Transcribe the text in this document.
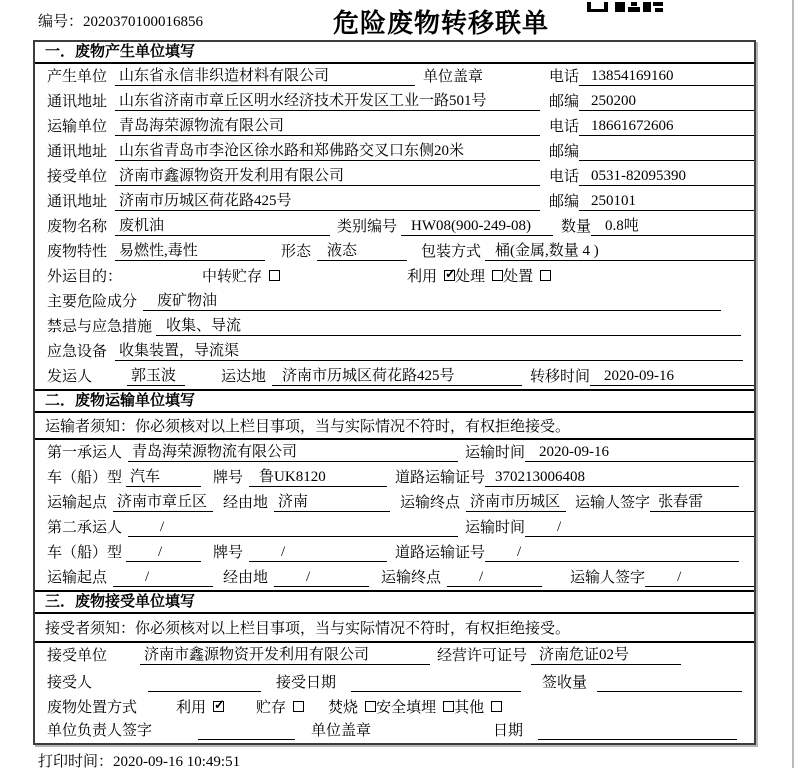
编号：2020370100016856	危险废物转移联单
一．废物产生单位填写
产生单位 山东省永信非织造材料有限公司	单位盖章	电话 13854169160
通讯地址 山东省济南市章丘区明水经济技术开发区工业一路501号	邮编 250200
运输单位 青岛海荣源物流有限公司	电话 18661672606
通讯地址 山东省青岛市李沧区徐水路和郑佛路交叉口东侧20米	邮编
接受单位 济南市鑫源物资开发利用有限公司	电话 0531-82095390
通讯地址 济南市历城区荷花路425号	邮编 250101
废物名称 废机油	类别编号 HW08(900-249-08)	数量 0.8吨
废物特性 易燃性,毒性	形态	液态	包装方式 桶(金属,数量 4 )
外运目的：	中转贮存	利用 ✓ 处理 处置
主要危险成分	废矿物油
禁忌与应急措施 收集、导流
应急设备 收集装置，导流渠
发运人	郭玉波	运达地	济南市历城区荷花路425号	转移时间 2020-09-16
二．废物运输单位填写
运输者须知：你必须核对以上栏目事项，当与实际情况不符时，有权拒绝接受。
第一承运人 青岛海荣源物流有限公司	运输时间 2020-09-16
车（船）型 汽车	牌号	鲁UK8120	道路运输证号 370213006408
运输起点 济南市章丘区	经由地 济南	运输终点 济南市历城区 运输人签字 张春雷
第二承运人	/	运输时间	/
车（船）型	/	牌号	/	道路运输证号	/
运输起点	/	经由地	/	运输终点	/	运输人签字	/
三．废物接受单位填写
接受者须知：你必须核对以上栏目事项，当与实际情况不符时，有权拒绝接受。
接受单位	济南市鑫源物资开发利用有限公司	经营许可证号 济南危证02号
接受人	接受日期	签收量
废物处置方式	利用 ✓	贮存	焚烧 安全填埋 其他
单位负责人签字	单位盖章	日期
打印时间：2020-09-16 10:49:51
